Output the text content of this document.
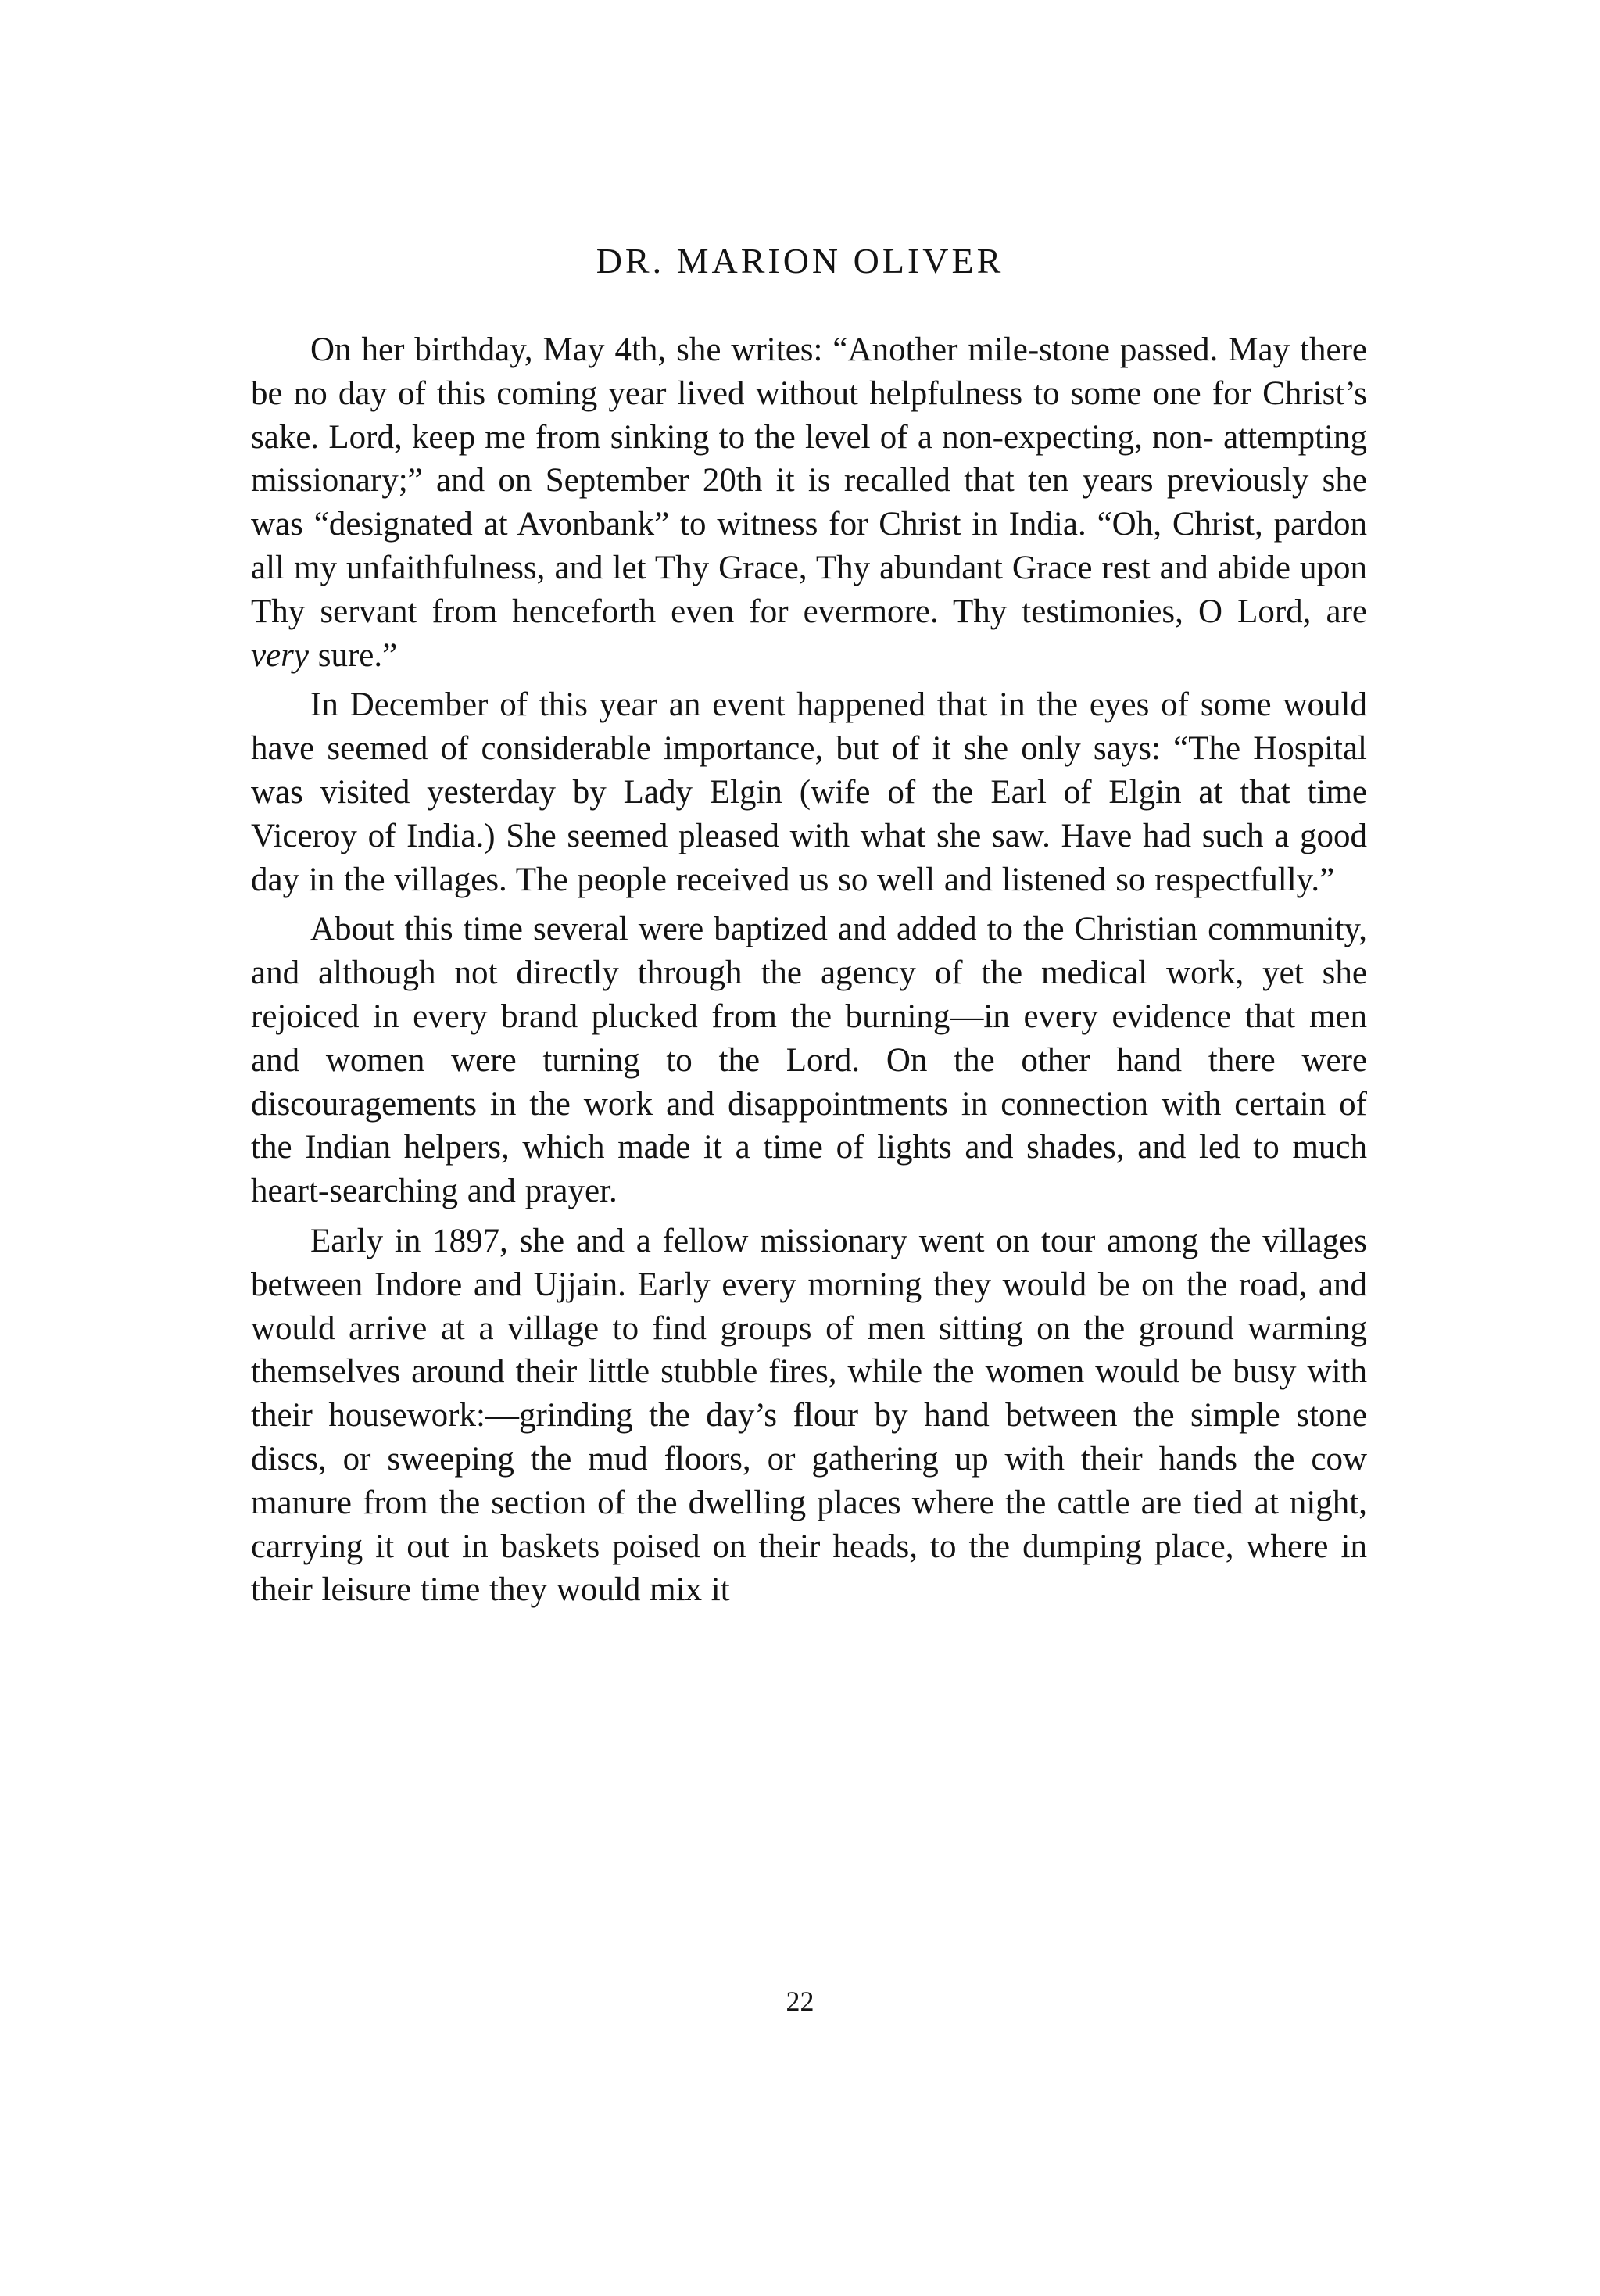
DR. MARION OLIVER

On her birthday, May 4th, she writes: “Another mile-stone passed. May there be no day of this coming year lived without helpfulness to some one for Christ’s sake. Lord, keep me from sinking to the level of a non-expecting, non- attempting missionary;” and on September 20th it is recalled that ten years previously she was “designated at Avonbank” to witness for Christ in India. “Oh, Christ, pardon all my unfaithfulness, and let Thy Grace, Thy abundant Grace rest and abide upon Thy servant from henceforth even for evermore. Thy testimonies, O Lord, are very sure.”

In December of this year an event happened that in the eyes of some would have seemed of considerable importance, but of it she only says: “The Hospital was visited yesterday by Lady Elgin (wife of the Earl of Elgin at that time Viceroy of India.) She seemed pleased with what she saw. Have had such a good day in the villages. The people received us so well and listened so respectfully.”

About this time several were baptized and added to the Christian community, and although not directly through the agency of the medical work, yet she rejoiced in every brand plucked from the burning—in every evidence that men and women were turning to the Lord. On the other hand there were discouragements in the work and disappointments in connection with certain of the Indian helpers, which made it a time of lights and shades, and led to much heart-searching and prayer.

Early in 1897, she and a fellow missionary went on tour among the villages between Indore and Ujjain. Early every morning they would be on the road, and would arrive at a village to find groups of men sitting on the ground warming themselves around their little stubble fires, while the women would be busy with their housework:—grinding the day’s flour by hand between the simple stone discs, or sweeping the mud floors, or gathering up with their hands the cow manure from the section of the dwelling places where the cattle are tied at night, carrying it out in baskets poised on their heads, to the dumping place, where in their leisure time they would mix it

22
